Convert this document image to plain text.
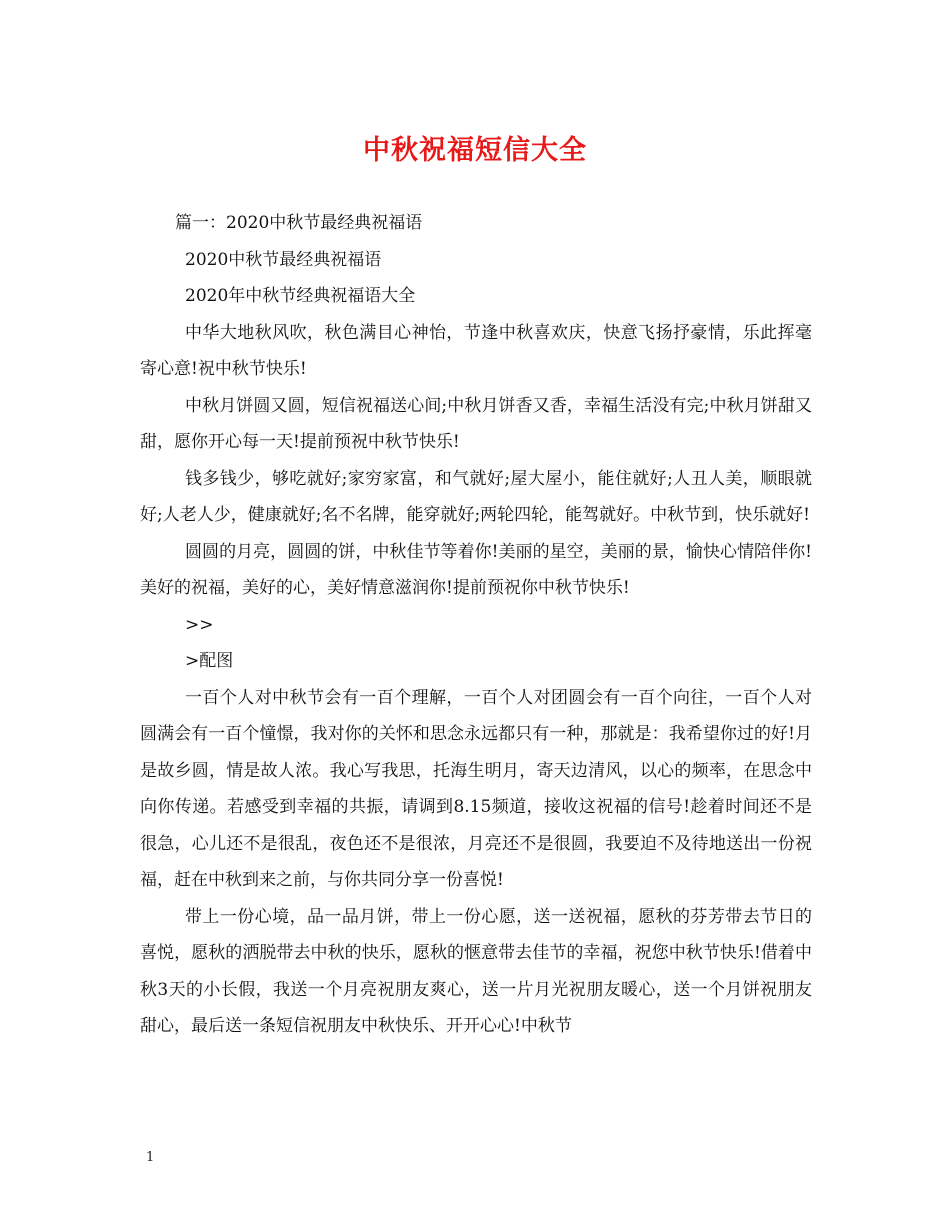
中秋祝福短信大全
篇一：2020中秋节最经典祝福语
2020中秋节最经典祝福语
2020年中秋节经典祝福语大全
中华大地秋风吹，秋色满目心神怡，节逢中秋喜欢庆，快意飞扬抒豪情，乐此挥毫寄心意!祝中秋节快乐!
中秋月饼圆又圆，短信祝福送心间;中秋月饼香又香，幸福生活没有完;中秋月饼甜又甜，愿你开心每一天!提前预祝中秋节快乐!
钱多钱少，够吃就好;家穷家富，和气就好;屋大屋小，能住就好;人丑人美，顺眼就好;人老人少，健康就好;名不名牌，能穿就好;两轮四轮，能驾就好。中秋节到，快乐就好!
圆圆的月亮，圆圆的饼，中秋佳节等着你!美丽的星空，美丽的景，愉快心情陪伴你!美好的祝福，美好的心，美好情意滋润你!提前预祝你中秋节快乐!
>>
>配图
一百个人对中秋节会有一百个理解，一百个人对团圆会有一百个向往，一百个人对圆满会有一百个憧憬，我对你的关怀和思念永远都只有一种，那就是：我希望你过的好!月是故乡圆，情是故人浓。我心写我思，托海生明月，寄天边清风，以心的频率，在思念中向你传递。若感受到幸福的共振，请调到8.15频道，接收这祝福的信号!趁着时间还不是很急，心儿还不是很乱，夜色还不是很浓，月亮还不是很圆，我要迫不及待地送出一份祝福，赶在中秋到来之前，与你共同分享一份喜悦!
带上一份心境，品一品月饼，带上一份心愿，送一送祝福，愿秋的芬芳带去节日的喜悦，愿秋的洒脱带去中秋的快乐，愿秋的惬意带去佳节的幸福，祝您中秋节快乐!借着中秋3天的小长假，我送一个月亮祝朋友爽心，送一片月光祝朋友暖心，送一个月饼祝朋友甜心，最后送一条短信祝朋友中秋快乐、开开心心!中秋节
1
